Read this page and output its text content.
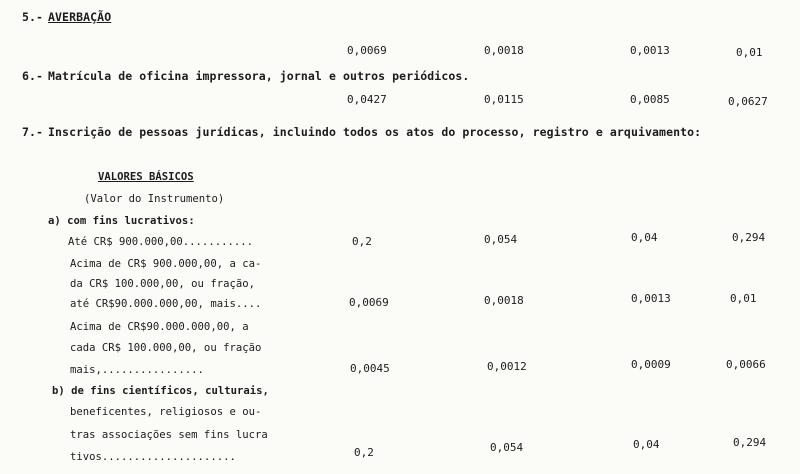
5.- AVERBAÇÃO
0,0069	0,0018	0,0013	0,01
6.- Matrícula de oficina impressora, jornal e outros periódicos.
0,0427	0,0115	0,0085	0,0627
7.- Inscrição de pessoas jurídicas, incluindo todos os atos do processo, registro e arquivamento:
VALORES BÁSICOS
(Valor do Instrumento)
a) com fins lucrativos:
Até CR$ 900.000,00...........	0,2	0,054	0,04	0,294
Acima de CR$ 900.000,00, a ca-
da CR$ 100.000,00, ou fração,
até CR$90.000.000,00, mais....	0,0069	0,0018	0,0013	0,01
Acima de CR$90.000.000,00, a
cada CR$ 100.000,00, ou fração
mais,................	0,0045	0,0012	0,0009	0,0066
b) de fins científicos, culturais,
beneficentes, religiosos e ou-
tras associações sem fins lucra
tivos.....................	0,2	0,054	0,04	0,294
